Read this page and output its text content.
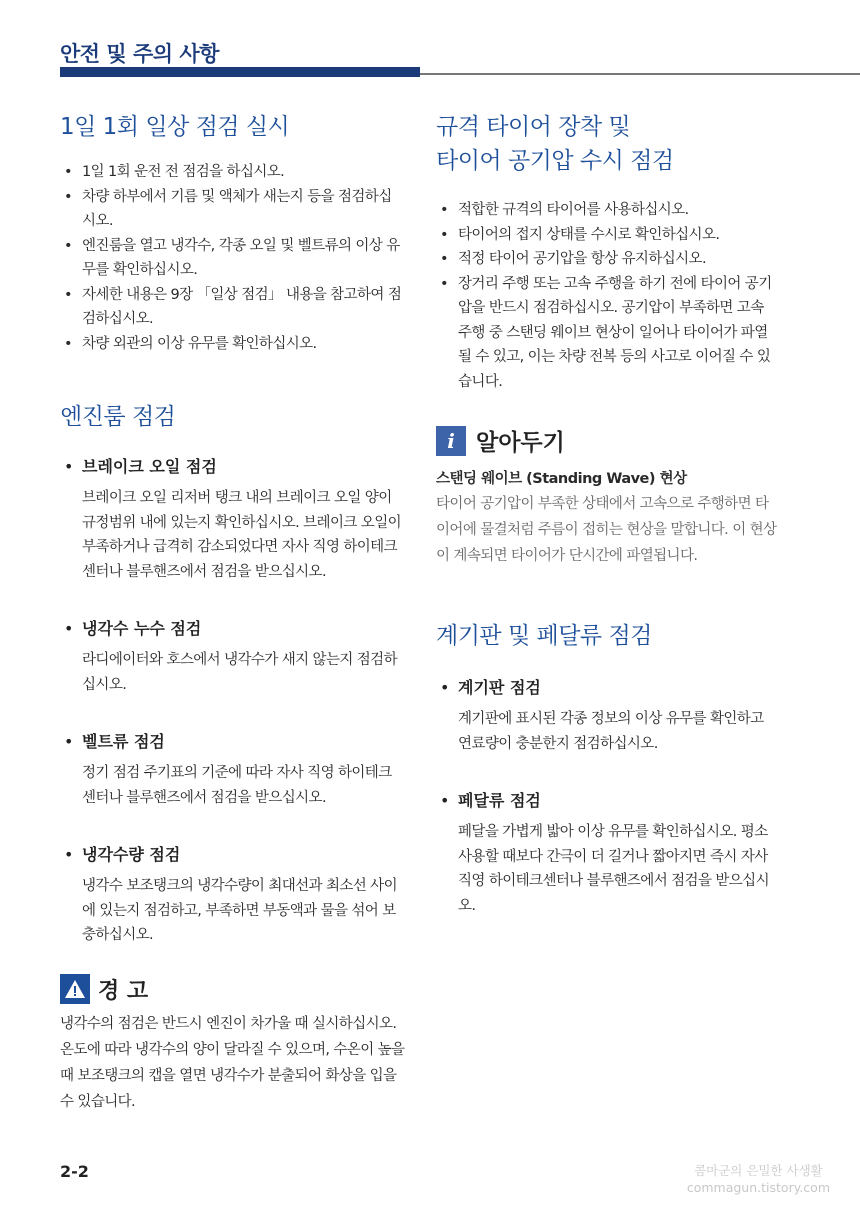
안전 및 주의 사항
1일 1회 일상 점검 실시
• 1일 1회 운전 전 점검을 하십시오.
• 차량 하부에서 기름 및 액체가 새는지 등을 점검하십시오.
• 엔진룸을 열고 냉각수, 각종 오일 및 벨트류의 이상 유무를 확인하십시오.
• 자세한 내용은 9장 「일상 점검」 내용을 참고하여 점검하십시오.
• 차량 외관의 이상 유무를 확인하십시오.
엔진룸 점검
• 브레이크 오일 점검
브레이크 오일 리저버 탱크 내의 브레이크 오일 양이 규정범위 내에 있는지 확인하십시오. 브레이크 오일이 부족하거나 급격히 감소되었다면 자사 직영 하이테크센터나 블루핸즈에서 점검을 받으십시오.
• 냉각수 누수 점검
라디에이터와 호스에서 냉각수가 새지 않는지 점검하십시오.
• 벨트류 점검
정기 점검 주기표의 기준에 따라 자사 직영 하이테크센터나 블루핸즈에서 점검을 받으십시오.
• 냉각수량 점검
냉각수 보조탱크의 냉각수량이 최대선과 최소선 사이에 있는지 점검하고, 부족하면 부동액과 물을 섞어 보충하십시오.
경 고
냉각수의 점검은 반드시 엔진이 차가울 때 실시하십시오. 온도에 따라 냉각수의 양이 달라질 수 있으며, 수온이 높을 때 보조탱크의 캡을 열면 냉각수가 분출되어 화상을 입을 수 있습니다.
규격 타이어 장착 및
타이어 공기압 수시 점검
• 적합한 규격의 타이어를 사용하십시오.
• 타이어의 접지 상태를 수시로 확인하십시오.
• 적정 타이어 공기압을 항상 유지하십시오.
• 장거리 주행 또는 고속 주행을 하기 전에 타이어 공기압을 반드시 점검하십시오. 공기압이 부족하면 고속 주행 중 스탠딩 웨이브 현상이 일어나 타이어가 파열될 수 있고, 이는 차량 전복 등의 사고로 이어질 수 있습니다.
i 알아두기
스탠딩 웨이브 (Standing Wave) 현상
타이어 공기압이 부족한 상태에서 고속으로 주행하면 타이어에 물결처럼 주름이 접히는 현상을 말합니다. 이 현상이 계속되면 타이어가 단시간에 파열됩니다.
계기판 및 페달류 점검
• 계기판 점검
계기판에 표시된 각종 정보의 이상 유무를 확인하고 연료량이 충분한지 점검하십시오.
• 페달류 점검
페달을 가볍게 밟아 이상 유무를 확인하십시오. 평소 사용할 때보다 간극이 더 길거나 짧아지면 즉시 자사 직영 하이테크센터나 블루핸즈에서 점검을 받으십시오.
2-2	콤마군의 은밀한 사생활
commagun.tistory.com
